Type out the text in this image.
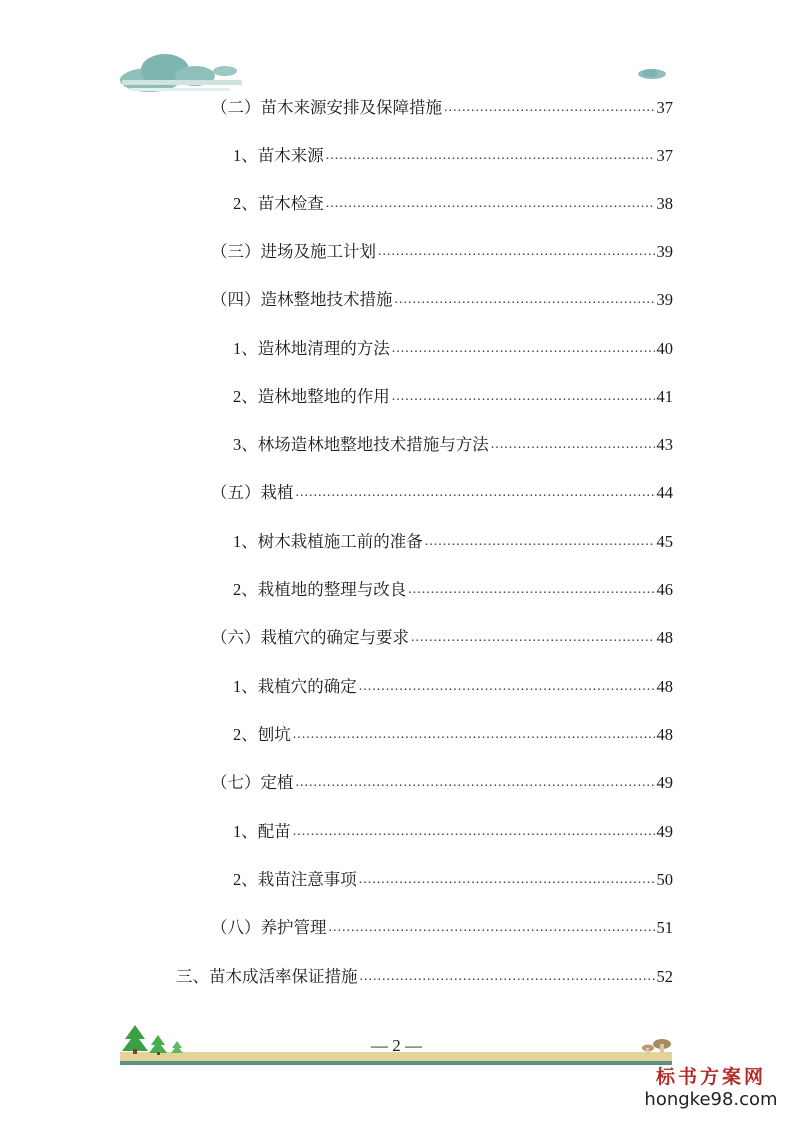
（二）苗木来源安排及保障措施 .....	37
1、苗木来源 .....	37
2、苗木检查 .....	38
（三）进场及施工计划 .....	39
（四）造林整地技术措施 .....	39
1、造林地清理的方法 .....	40
2、造林地整地的作用 .....	41
3、林场造林地整地技术措施与方法 .....	43
（五）栽植 .....	44
1、树木栽植施工前的准备 .....	45
2、栽植地的整理与改良 .....	46
（六）栽植穴的确定与要求 .....	48
1、栽植穴的确定 .....	48
2、刨坑 .....	48
（七）定植 .....	49
1、配苗 .....	49
2、栽苗注意事项 .....	50
（八）养护管理 .....	51
三、苗木成活率保证措施 .....	52
— 2 —
标书方案网
hongke98.com
